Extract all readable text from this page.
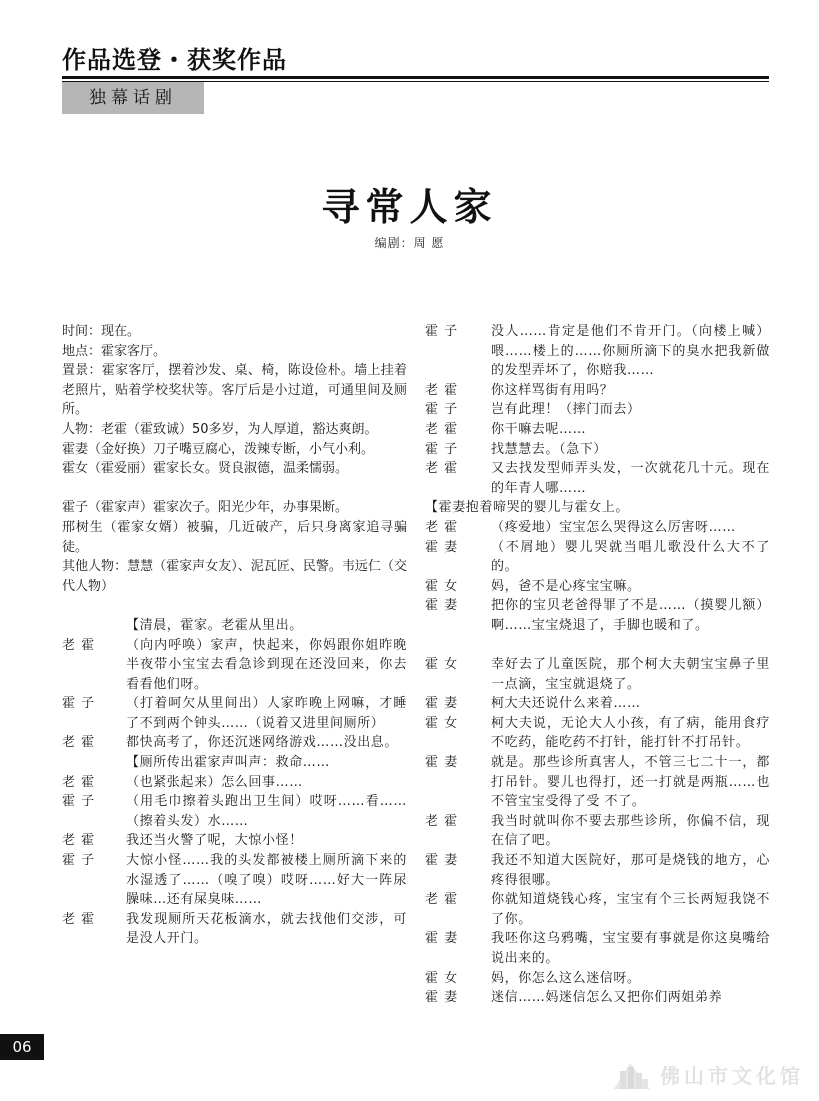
作品选登・获奖作品
独幕话剧
寻常人家
编剧：周 愿

时间：现在。

地点：霍家客厅。

置景：霍家客厅，摆着沙发、桌、椅，陈设俭朴。墙上挂着老照片，贴着学校奖状等。客厅后是小过道，可通里间及厕所。

人物：老霍（霍致诚）50多岁，为人厚道，豁达爽朗。

霍妻（金好换）刀子嘴豆腐心，泼辣专断，小气小利。

霍女（霍爱丽）霍家长女。贤良淑德，温柔懦弱。

霍子（霍家声）霍家次子。阳光少年，办事果断。

邢树生（霍家女婿）被骗，几近破产，后只身离家追寻骗徒。

其他人物：慧慧（霍家声女友）、泥瓦匠、民警。韦远仁（交代人物）

【清晨，霍家。老霍从里出。
老 霍	（向内呼唤）家声，快起来，你妈跟你姐昨晚半夜带小宝宝去看急诊到现在还没回来，你去看看他们呀。
霍 子	（打着呵欠从里间出）人家昨晚上网嘛，才睡了不到两个钟头……（说着又进里间厕所）
老 霍	都快高考了，你还沉迷网络游戏……没出息。
【厕所传出霍家声叫声：救命……
老 霍	（也紧张起来）怎么回事……
霍 子	（用毛巾擦着头跑出卫生间）哎呀……看……（擦着头发）水……
老 霍	我还当火警了呢，大惊小怪！
霍 子	大惊小怪……我的头发都被楼上厕所滴下来的水湿透了……（嗅了嗅）哎呀……好大一阵尿臊味…还有屎臭味……
老 霍	我发现厕所天花板滴水，就去找他们交涉，可是没人开门。
霍 子	没人……肯定是他们不肯开门。（向楼上喊）喂……楼上的……你厕所滴下的臭水把我新做的发型弄坏了，你赔我……
老 霍	你这样骂街有用吗？
霍 子	岂有此理！（摔门而去）
老 霍	你干嘛去呢……
霍 子	找慧慧去。（急下）
老 霍	又去找发型师弄头发，一次就花几十元。现在的年青人哪……
【霍妻抱着啼哭的婴儿与霍女上。
老 霍	（疼爱地）宝宝怎么哭得这么厉害呀……
霍 妻	（不屑地）婴儿哭就当唱儿歌没什么大不了的。
霍 女	妈，爸不是心疼宝宝嘛。
霍 妻	把你的宝贝老爸得罪了不是……（摸婴儿额）啊……宝宝烧退了，手脚也暖和了。
霍 女	幸好去了儿童医院，那个柯大夫朝宝宝鼻子里一点滴，宝宝就退烧了。
霍 妻	柯大夫还说什么来着……
霍 女	柯大夫说，无论大人小孩，有了病，能用食疗不吃药，能吃药不打针，能打针不打吊针。
霍 妻	就是。那些诊所真害人，不管三七二十一，都打吊针。婴儿也得打，还一打就是两瓶……也不管宝宝受得了受 不了。
老 霍	我当时就叫你不要去那些诊所，你偏不信，现在信了吧。
霍 妻	我还不知道大医院好，那可是烧钱的地方，心疼得很哪。
老 霍	你就知道烧钱心疼，宝宝有个三长两短我饶不了你。
霍 妻	我呸你这乌鸦嘴，宝宝要有事就是你这臭嘴给说出来的。
霍 女	妈，你怎么这么迷信呀。
霍 妻	迷信……妈迷信怎么又把你们两姐弟养
06
佛山市文化馆
